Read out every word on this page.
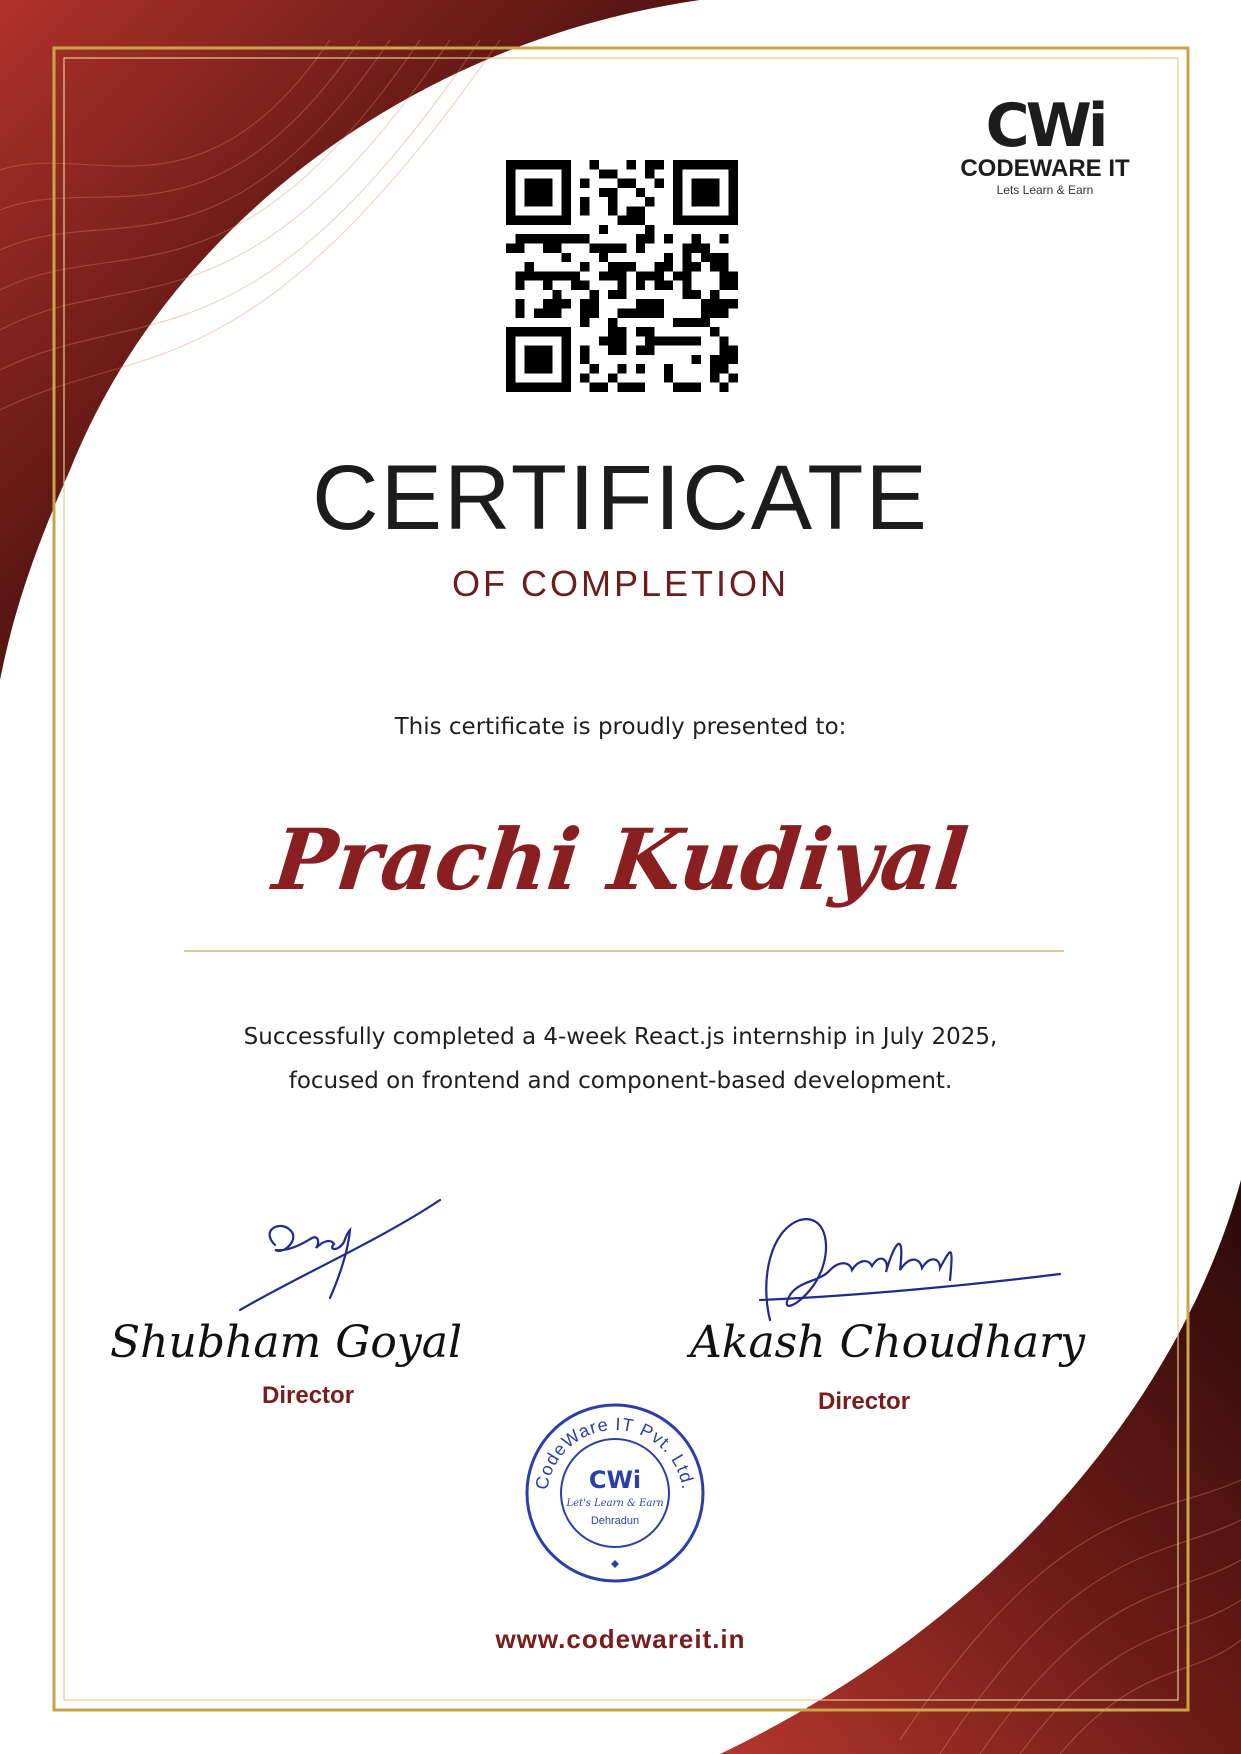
CWi
CODEWARE IT
Lets Learn & Earn
CERTIFICATE
OF COMPLETION
This certificate is proudly presented to:
Prachi Kudiyal
Successfully completed a 4-week React.js internship in July 2025,
focused on frontend and component-based development.
Shubham Goyal
Director
Akash Choudhary
Director
CodeWare IT Pvt. Ltd.
CWi
Let's Learn & Earn
Dehradun
www.codewareit.in
